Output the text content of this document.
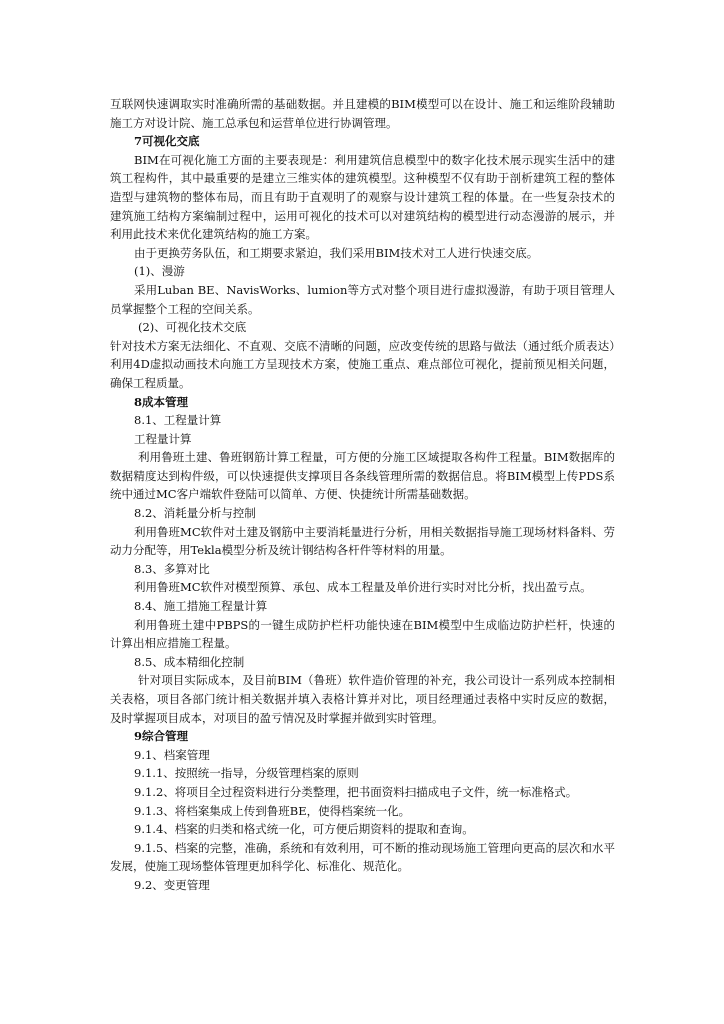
互联网快速调取实时准确所需的基础数据。并且建模的BIM模型可以在设计、施工和运维阶段辅助施工方对设计院、施工总承包和运营单位进行协调管理。

7可视化交底

BIM在可视化施工方面的主要表现是：利用建筑信息模型中的数字化技术展示现实生活中的建筑工程构件，其中最重要的是建立三维实体的建筑模型。这种模型不仅有助于剖析建筑工程的整体造型与建筑物的整体布局，而且有助于直观明了的观察与设计建筑工程的体量。在一些复杂技术的建筑施工结构方案编制过程中，运用可视化的技术可以对建筑结构的模型进行动态漫游的展示，并利用此技术来优化建筑结构的施工方案。

由于更换劳务队伍，和工期要求紧迫，我们采用BIM技术对工人进行快速交底。

(1)、漫游

采用Luban BE、NavisWorks、lumion等方式对整个项目进行虚拟漫游，有助于项目管理人员掌握整个工程的空间关系。

(2)、可视化技术交底

针对技术方案无法细化、不直观、交底不清晰的问题，应改变传统的思路与做法（通过纸介质表达）利用4D虚拟动画技术向施工方呈现技术方案，使施工重点、难点部位可视化，提前预见相关问题，确保工程质量。

8成本管理

8.1、工程量计算

工程量计算

利用鲁班土建、鲁班钢筋计算工程量，可方便的分施工区域提取各构件工程量。BIM数据库的数据精度达到构件级，可以快速提供支撑项目各条线管理所需的数据信息。将BIM模型上传PDS系统中通过MC客户端软件登陆可以简单、方便、快捷统计所需基础数据。

8.2、消耗量分析与控制

利用鲁班MC软件对土建及钢筋中主要消耗量进行分析，用相关数据指导施工现场材料备料、劳动力分配等，用Tekla模型分析及统计钢结构各杆件等材料的用量。

8.3、多算对比

利用鲁班MC软件对模型预算、承包、成本工程量及单价进行实时对比分析，找出盈亏点。

8.4、施工措施工程量计算

利用鲁班土建中PBPS的一键生成防护栏杆功能快速在BIM模型中生成临边防护栏杆，快速的计算出相应措施工程量。

8.5、成本精细化控制

针对项目实际成本，及目前BIM（鲁班）软件造价管理的补充，我公司设计一系列成本控制相关表格，项目各部门统计相关数据并填入表格计算并对比，项目经理通过表格中实时反应的数据，及时掌握项目成本，对项目的盈亏情况及时掌握并做到实时管理。

9综合管理

9.1、档案管理

9.1.1、按照统一指导，分级管理档案的原则

9.1.2、将项目全过程资料进行分类整理，把书面资料扫描成电子文件，统一标准格式。

9.1.3、将档案集成上传到鲁班BE，使得档案统一化。

9.1.4、档案的归类和格式统一化，可方便后期资料的提取和查询。

9.1.5、档案的完整，准确，系统和有效利用，可不断的推动现场施工管理向更高的层次和水平发展，使施工现场整体管理更加科学化、标准化、规范化。

9.2、变更管理
